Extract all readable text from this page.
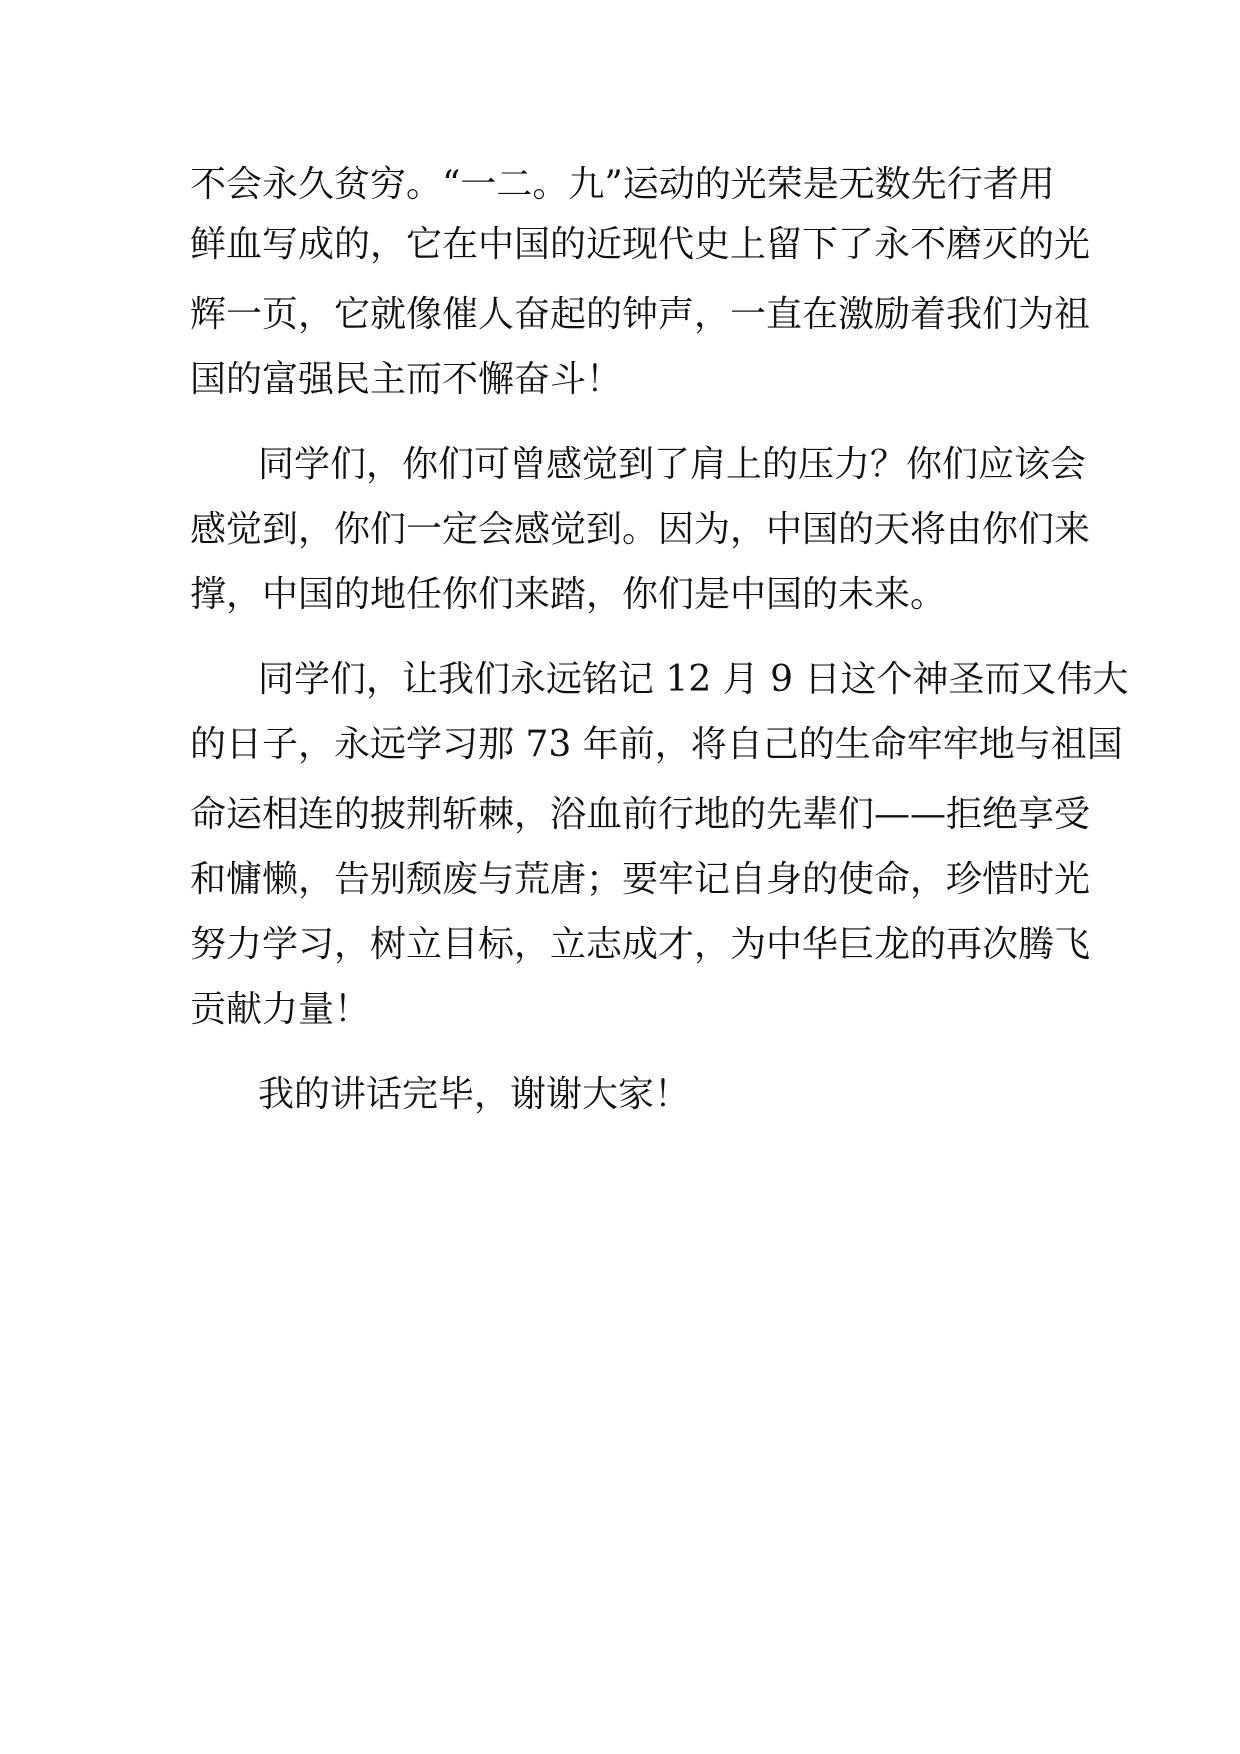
不会永久贫穷。“一二。九”运动的光荣是无数先行者用
鲜血写成的，它在中国的近现代史上留下了永不磨灭的光
辉一页，它就像催人奋起的钟声，一直在激励着我们为祖
国的富强民主而不懈奋斗！
同学们，你们可曾感觉到了肩上的压力？你们应该会
感觉到，你们一定会感觉到。因为，中国的天将由你们来
撑，中国的地任你们来踏，你们是中国的未来。
同学们，让我们永远铭记 12 月 9 日这个神圣而又伟大
的日子，永远学习那 73 年前，将自己的生命牢牢地与祖国
命运相连的披荆斩棘，浴血前行地的先辈们——拒绝享受
和慵懒，告别颓废与荒唐；要牢记自身的使命，珍惜时光
努力学习，树立目标，立志成才，为中华巨龙的再次腾飞
贡献力量！
我的讲话完毕，谢谢大家！
